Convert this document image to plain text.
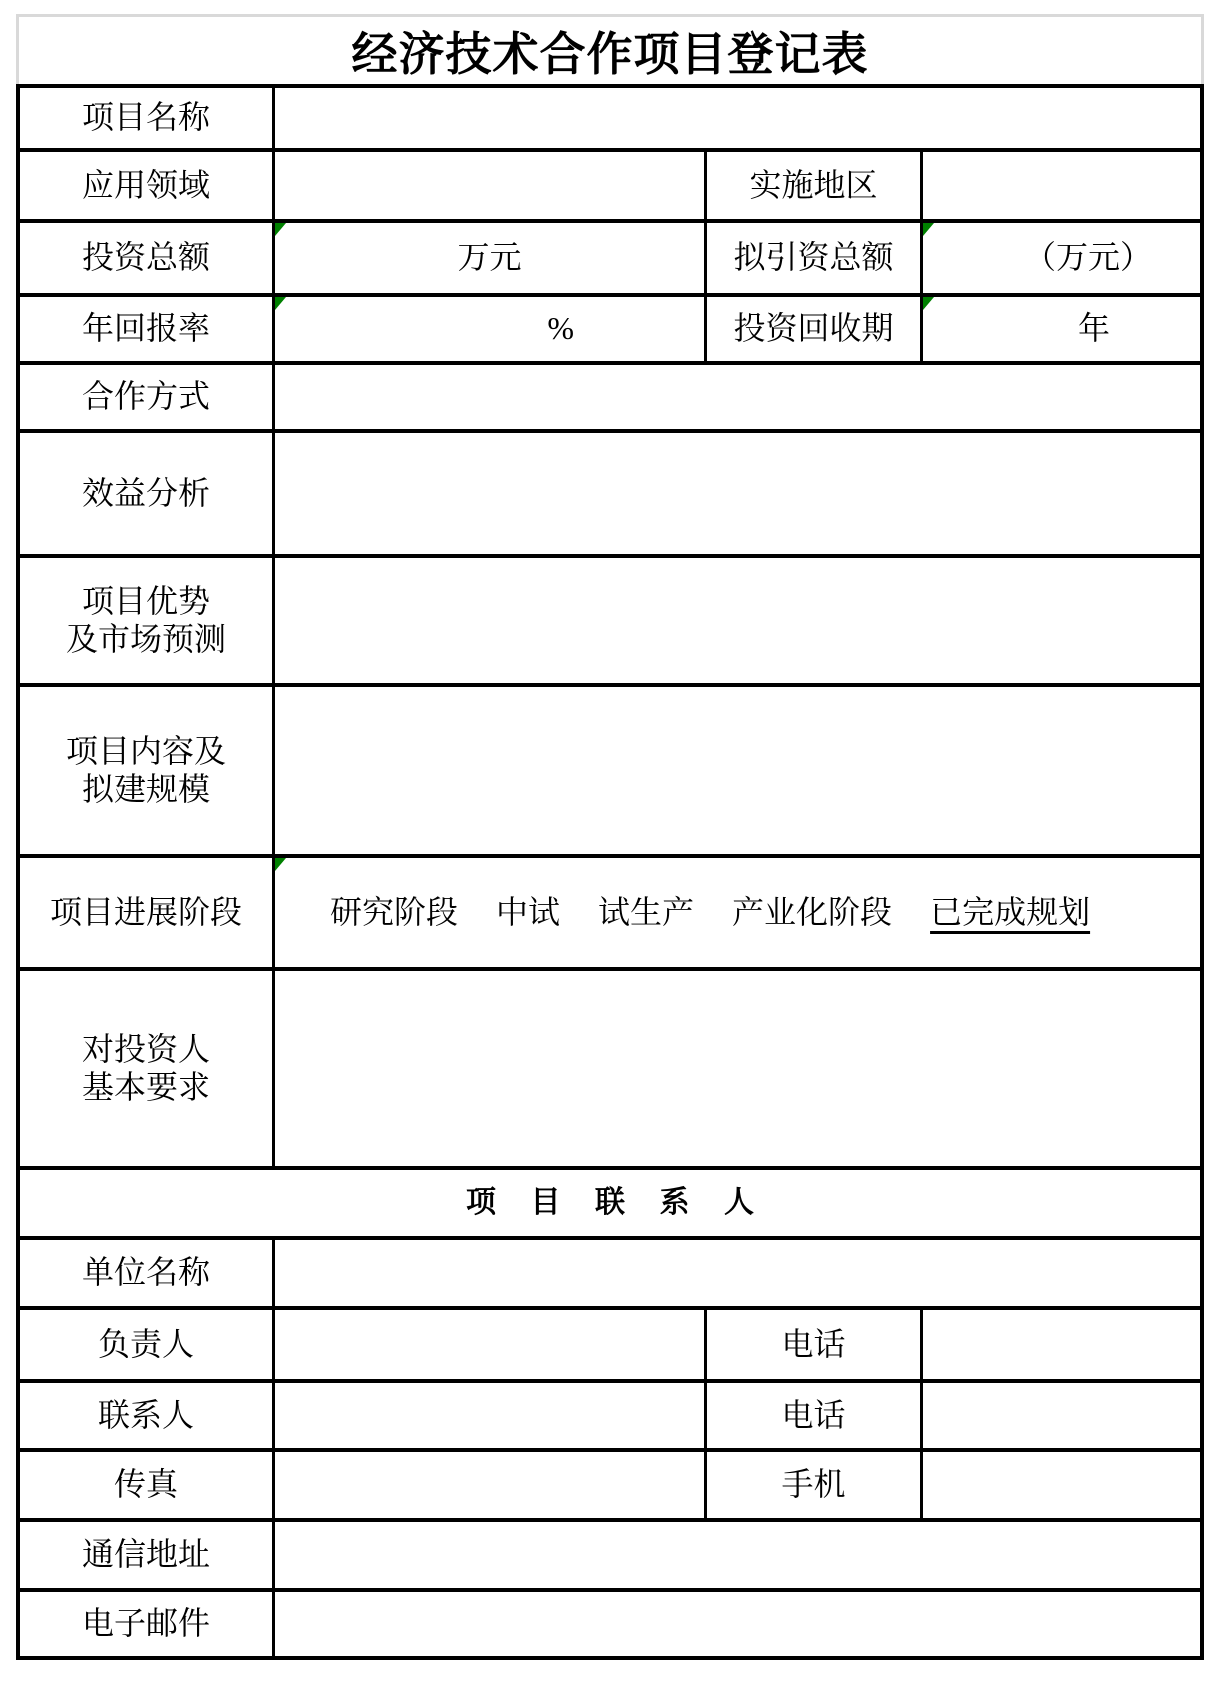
经济技术合作项目登记表
项目名称
应用领域	实施地区
投资总额	万元	拟引资总额	（万元）
年回报率	%	投资回收期	年
合作方式
效益分析
项目优势
及市场预测
项目内容及
拟建规模
项目进展阶段	研究阶段 中试 试生产 产业化阶段 已完成规划
对投资人
基本要求
项 目 联 系 人
单位名称
负责人	电话
联系人	电话
传真	手机
通信地址
电子邮件
